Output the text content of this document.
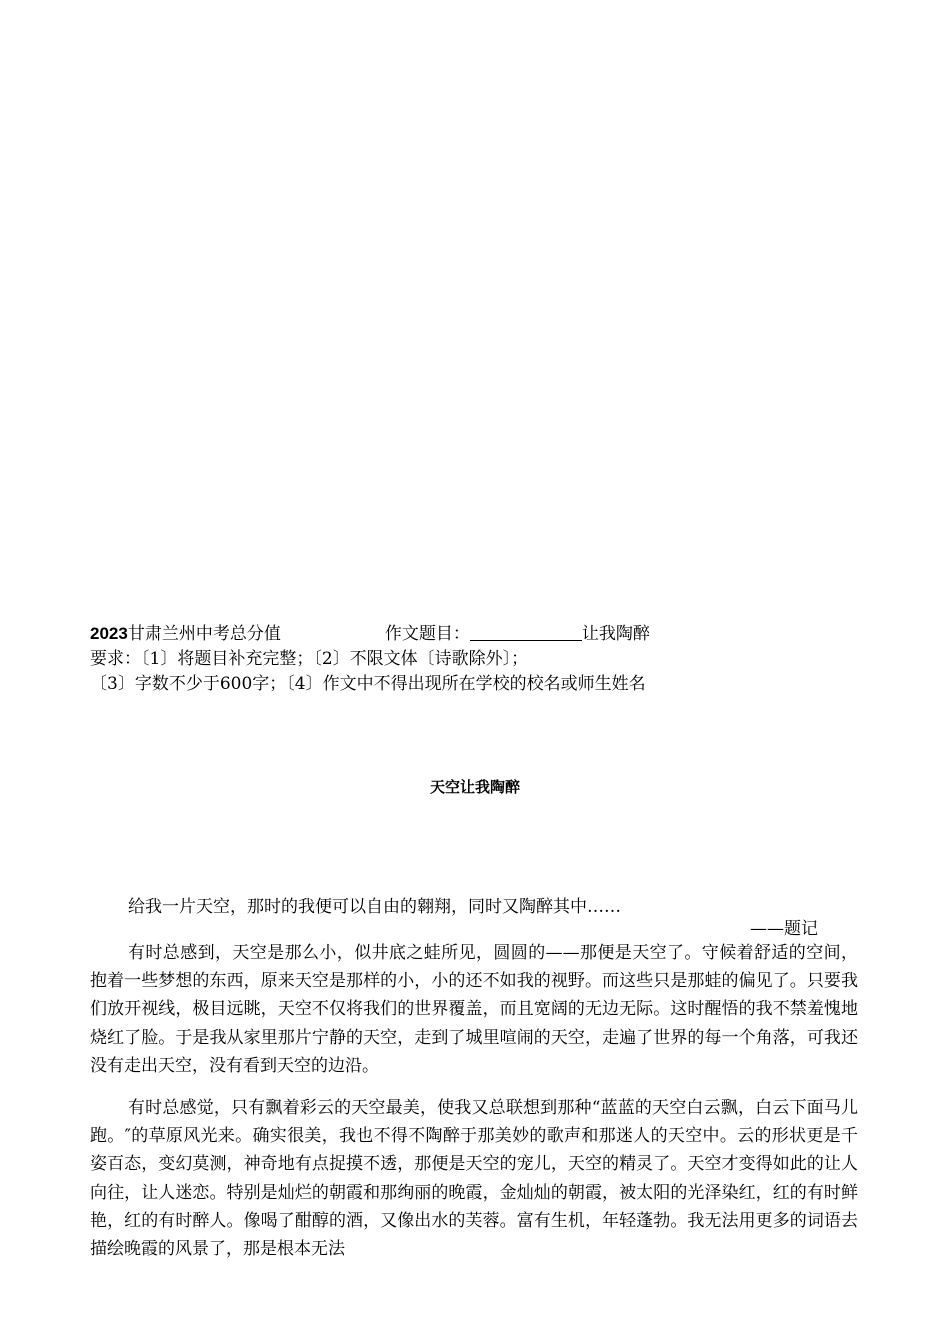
2023甘肃兰州中考总分值	作文题目：	让我陶醉
要求：〔1〕将题目补充完整；〔2〕不限文体〔诗歌除外〕；
〔3〕字数不少于600字；〔4〕作文中不得出现所在学校的校名或师生姓名
天空让我陶醉
给我一片天空，那时的我便可以自由的翱翔，同时又陶醉其中……
——题记
有时总感到，天空是那么小，似井底之蛙所见，圆圆的——那便是天空了。守候着舒适的空间，抱着一些梦想的东西，原来天空是那样的小，小的还不如我的视野。而这些只是那蛙的偏见了。只要我们放开视线，极目远眺，天空不仅将我们的世界覆盖，而且宽阔的无边无际。这时醒悟的我不禁羞愧地烧红了脸。于是我从家里那片宁静的天空，走到了城里喧闹的天空，走遍了世界的每一个角落，可我还没有走出天空，没有看到天空的边沿。
有时总感觉，只有飘着彩云的天空最美，使我又总联想到那种“蓝蓝的天空白云飘，白云下面马儿跑。″的草原风光来。确实很美，我也不得不陶醉于那美妙的歌声和那迷人的天空中。云的形状更是千姿百态，变幻莫测，神奇地有点捉摸不透，那便是天空的宠儿，天空的精灵了。天空才变得如此的让人向往，让人迷恋。特别是灿烂的朝霞和那绚丽的晚霞，金灿灿的朝霞，被太阳的光泽染红，红的有时鲜艳，红的有时醉人。像喝了酣醇的酒，又像出水的芙蓉。富有生机，年轻蓬勃。我无法用更多的词语去描绘晚霞的风景了，那是根本无法
